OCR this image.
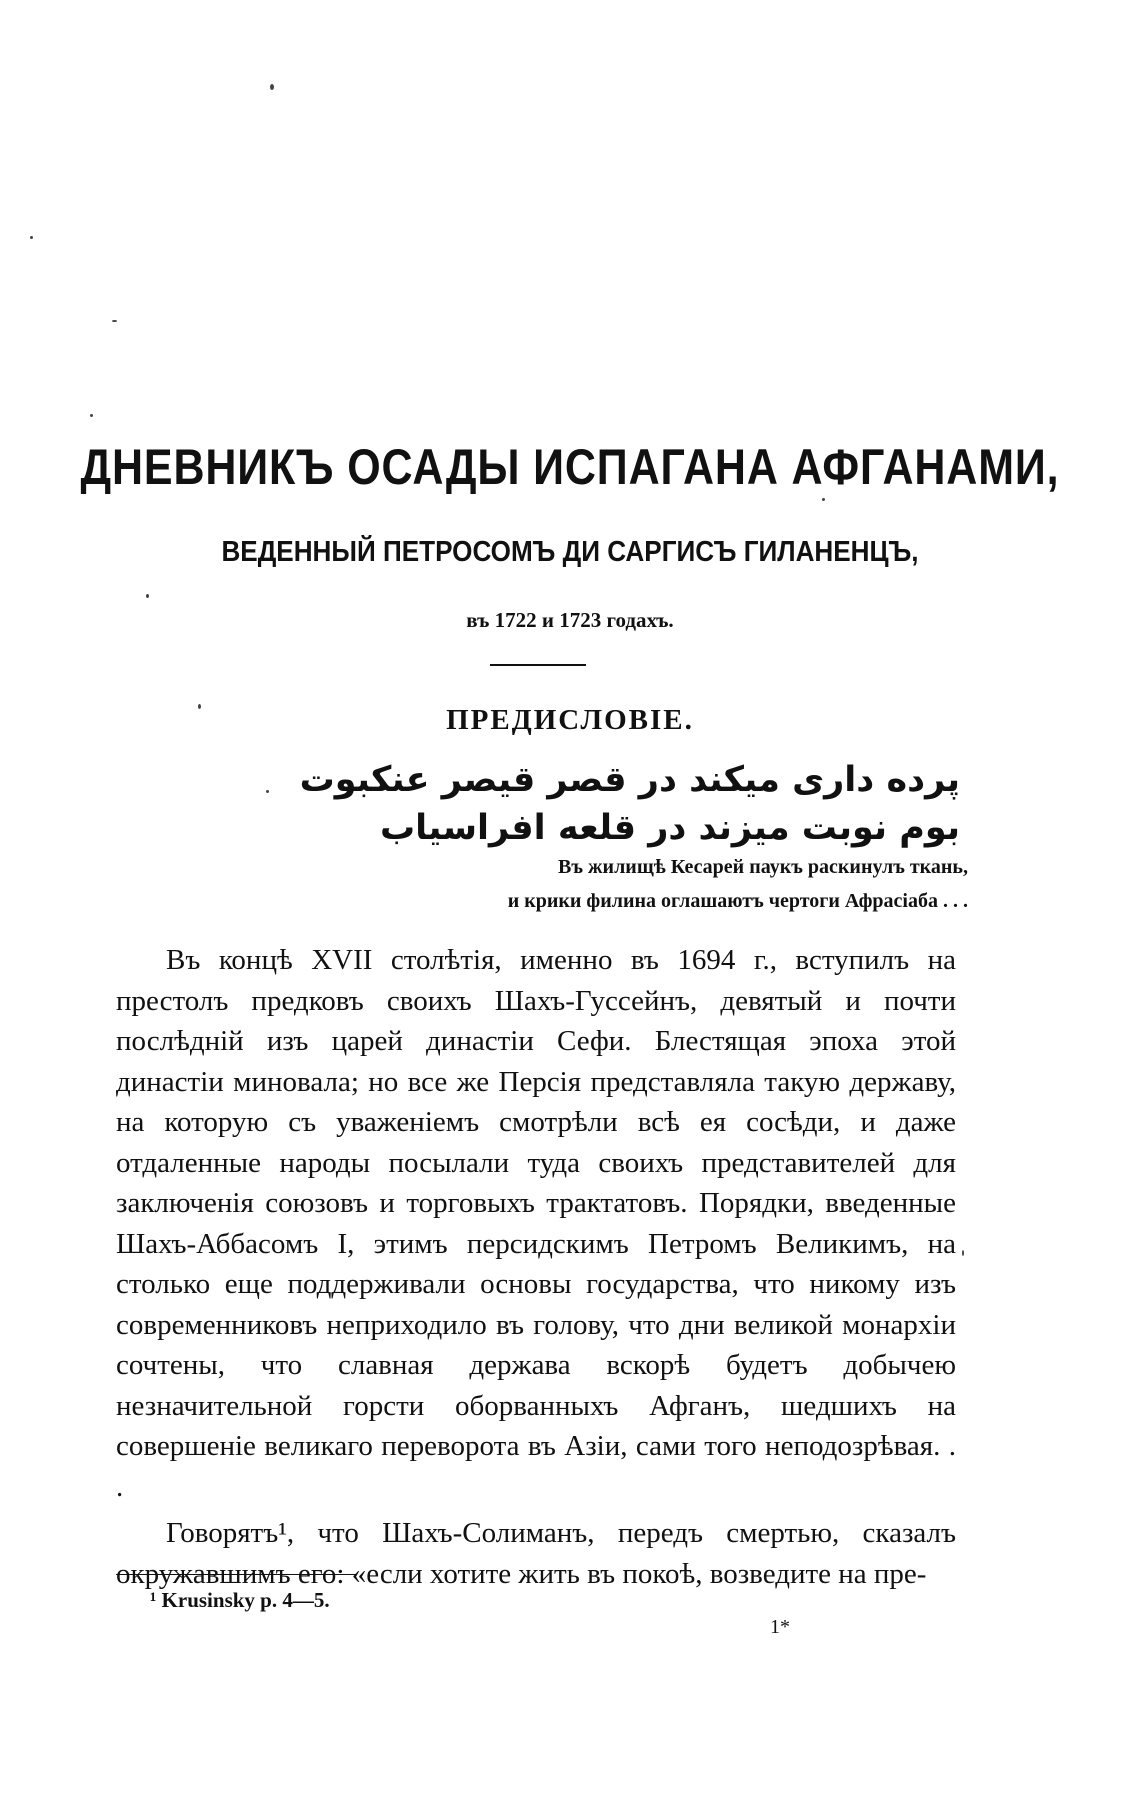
ДНЕВНИКЪ ОСАДЫ ИСПАГАНА АФГАНАМИ,
ВЕДЕННЫЙ ПЕТРОСОМЪ ДИ САРГИСЪ ГИЛАНЕНЦЪ,
въ 1722 и 1723 годахъ.
ПРЕДИСЛОВІЕ.
پرده داری میکند در قصر قیصر عنکبوت
بوم نوبت میزند در قلعه افراسیاب
Въ жилищѣ Кесарей паукъ раскинулъ ткань,
и крики филина оглашаютъ чертоги Афрасіаба . . .

Въ концѣ XVII столѣтія, именно въ 1694 г., вступилъ на престолъ предковъ своихъ Шахъ-Гуссейнъ, девятый и почти послѣдній изъ царей династіи Сефи. Блестящая эпоха этой династіи миновала; но все же Персія представляла такую державу, на которую съ уваженіемъ смотрѣли всѣ ея сосѣди, и даже отдаленные народы посылали туда своихъ представителей для заключенія союзовъ и торговыхъ трактатовъ. Порядки, введенные Шахъ-Аббасомъ I, этимъ персидскимъ Петромъ Великимъ, на столько еще поддерживали основы государства, что никому изъ современниковъ неприходило въ голову, что дни великой монархіи сочтены, что славная держава вскорѣ будетъ добычею незначительной горсти оборванныхъ Афганъ, шедшихъ на совершеніе великаго переворота въ Азіи, сами того неподозрѣвая. . .

Говорятъ¹, что Шахъ-Солиманъ, передъ смертью, сказалъ окружавшимъ его: «если хотите жить въ покоѣ, возведите на пре-

¹ Krusinsky p. 4—5.
1*
